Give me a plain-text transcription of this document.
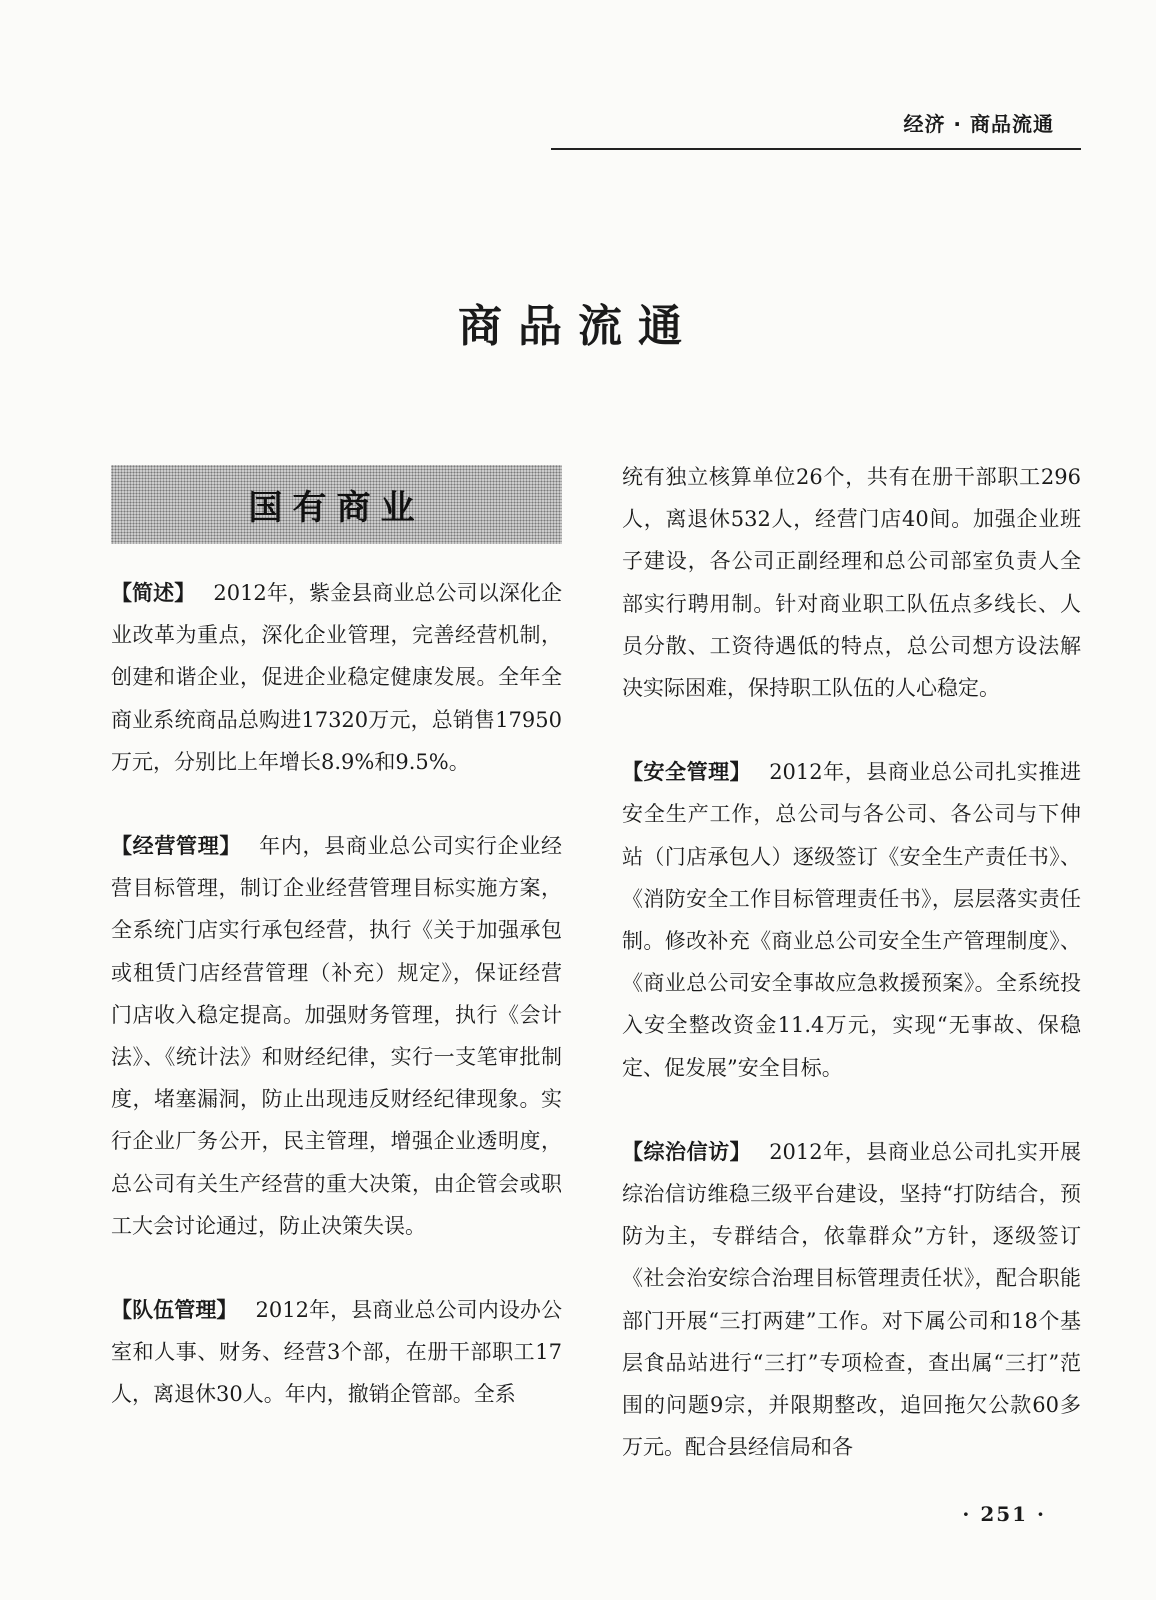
经济 · 商品流通
商品流通
国有商业

【简述】 2012年，紫金县商业总公司以深化企业改革为重点，深化企业管理，完善经营机制，创建和谐企业，促进企业稳定健康发展。全年全商业系统商品总购进17320万元，总销售17950万元，分别比上年增长8.9%和9.5%。

【经营管理】 年内，县商业总公司实行企业经营目标管理，制订企业经营管理目标实施方案，全系统门店实行承包经营，执行《关于加强承包或租赁门店经营管理（补充）规定》，保证经营门店收入稳定提高。加强财务管理，执行《会计法》、《统计法》和财经纪律，实行一支笔审批制度，堵塞漏洞，防止出现违反财经纪律现象。实行企业厂务公开，民主管理，增强企业透明度，总公司有关生产经营的重大决策，由企管会或职工大会讨论通过，防止决策失误。

【队伍管理】 2012年，县商业总公司内设办公室和人事、财务、经营3个部，在册干部职工17人，离退休30人。年内，撤销企管部。全系

统有独立核算单位26个，共有在册干部职工296人，离退休532人，经营门店40间。加强企业班子建设，各公司正副经理和总公司部室负责人全部实行聘用制。针对商业职工队伍点多线长、人员分散、工资待遇低的特点，总公司想方设法解决实际困难，保持职工队伍的人心稳定。

【安全管理】 2012年，县商业总公司扎实推进安全生产工作，总公司与各公司、各公司与下伸站（门店承包人）逐级签订《安全生产责任书》、《消防安全工作目标管理责任书》，层层落实责任制。修改补充《商业总公司安全生产管理制度》、《商业总公司安全事故应急救援预案》。全系统投入安全整改资金11.4万元，实现“无事故、保稳定、促发展”安全目标。

【综治信访】 2012年，县商业总公司扎实开展综治信访维稳三级平台建设，坚持“打防结合，预防为主，专群结合，依靠群众”方针，逐级签订《社会治安综合治理目标管理责任状》，配合职能部门开展“三打两建”工作。对下属公司和18个基层食品站进行“三打”专项检查，查出属“三打”范围的问题9宗，并限期整改，追回拖欠公款60多万元。配合县经信局和各

· 251 ·
